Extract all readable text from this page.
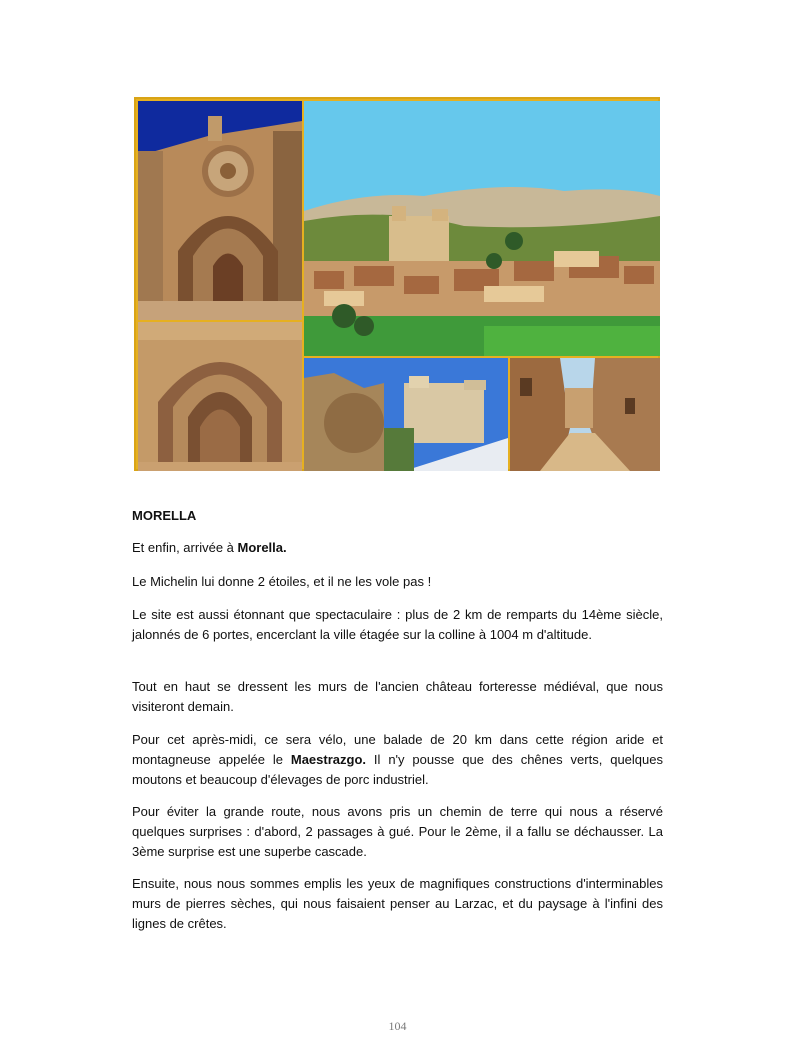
MORELLA

Et enfin, arrivée à Morella.

Le Michelin lui donne 2 étoiles, et il ne les vole pas !

Le site est aussi étonnant que spectaculaire : plus de 2 km de remparts du 14ème siècle, jalonnés de 6 portes, encerclant la ville étagée sur la colline à 1004 m d'altitude.

Tout en haut se dressent les murs de l'ancien château forteresse médiéval, que nous visiteront demain.

Pour cet après-midi, ce sera vélo, une balade de 20 km dans cette région aride et montagneuse appelée le Maestrazgo. Il n'y pousse que des chênes verts, quelques moutons et beaucoup d'élevages de porc industriel.

Pour éviter la grande route, nous avons pris un chemin de terre qui nous a réservé quelques surprises : d'abord, 2 passages à gué. Pour le 2ème, il a fallu se déchausser. La 3ème surprise est une superbe cascade.

Ensuite, nous nous sommes emplis les yeux de magnifiques constructions d'interminables murs de pierres sèches, qui nous faisaient penser au Larzac, et du paysage à l'infini des lignes de crêtes.

104
